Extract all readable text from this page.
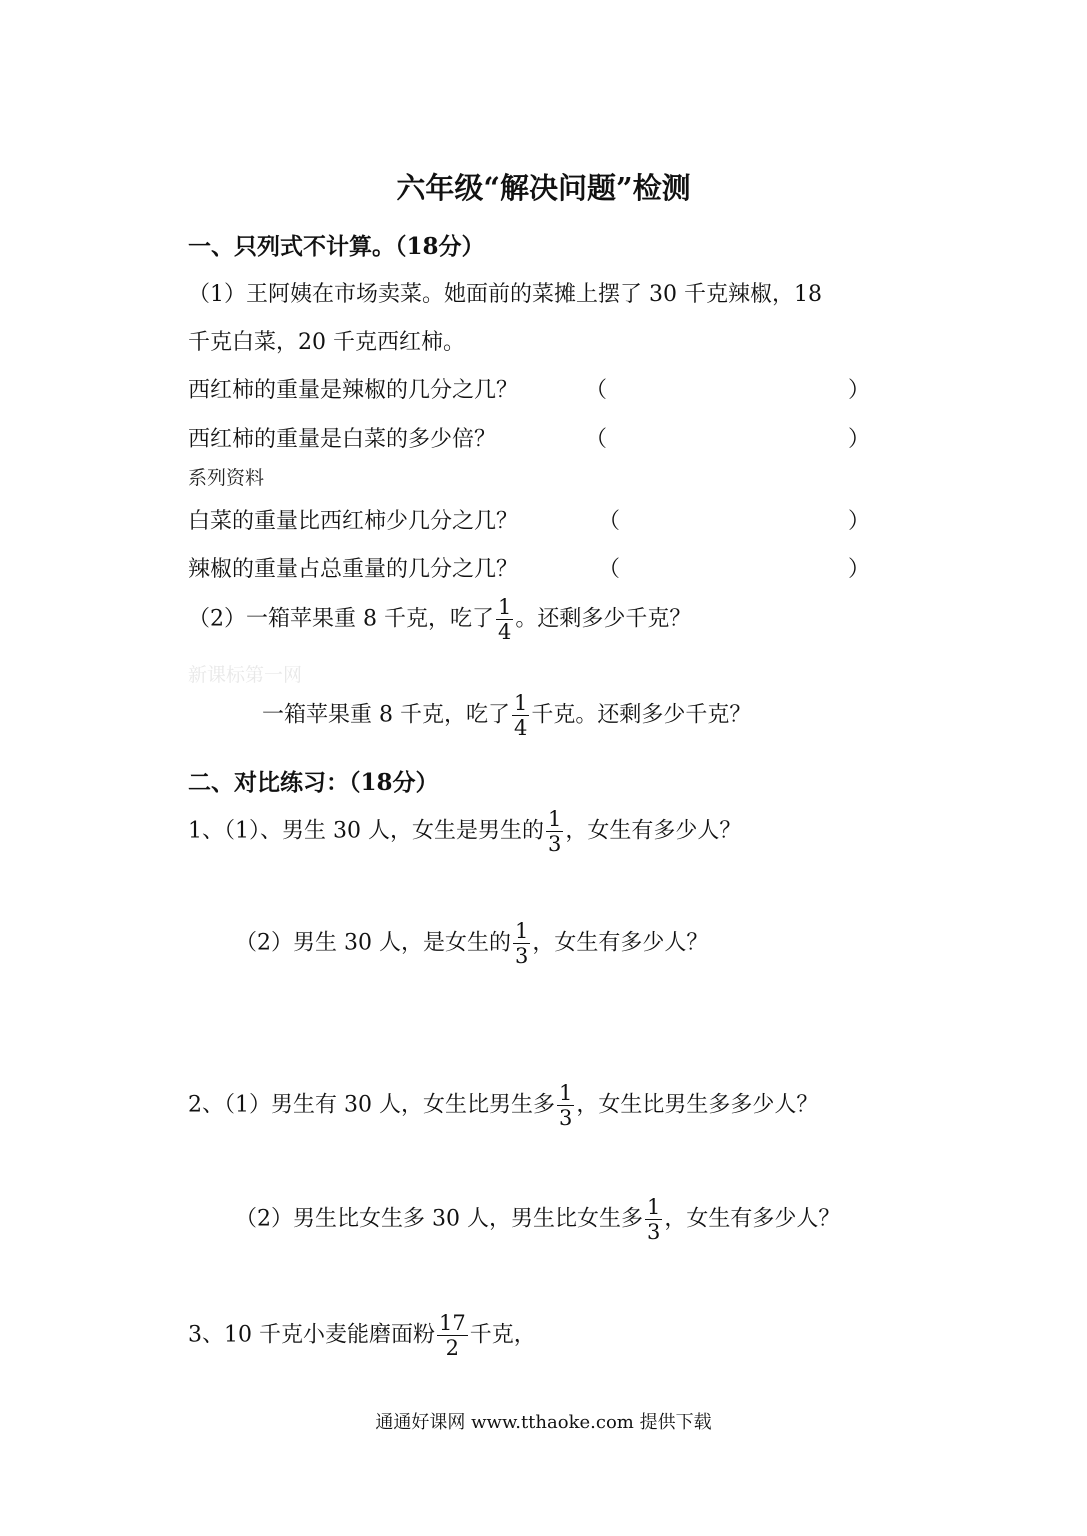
六年级“解决问题”检测
一、只列式不计算。（18分）
（1）王阿姨在市场卖菜。她面前的菜摊上摆了 30 千克辣椒，18
千克白菜，20 千克西红柿。
西红柿的重量是辣椒的几分之几？	（	）
西红柿的重量是白菜的多少倍？	（	）
系列资料
白菜的重量比西红柿少几分之几？	（	）
辣椒的重量占总重量的几分之几？	（	）
（2）一箱苹果重 8 千克，吃了 $\frac{1}{4}$ 。还剩多少千克？
新课标第一网
一箱苹果重 8 千克，吃了 $\frac{1}{4}$ 千克。还剩多少千克？
二、对比练习：（18分）
1、（1）、男生 30 人，女生是男生的 $\frac{1}{3}$ ，女生有多少人？
（2）男生 30 人，是女生的 $\frac{1}{3}$ ，女生有多少人？
2、（1）男生有 30 人，女生比男生多 $\frac{1}{3}$ ，女生比男生多多少人？
（2）男生比女生多 30 人，男生比女生多 $\frac{1}{3}$ ，女生有多少人？
3、10 千克小麦能磨面粉 $\frac{17}{2}$ 千克，
通通好课网 www.tthaoke.com 提供下载
